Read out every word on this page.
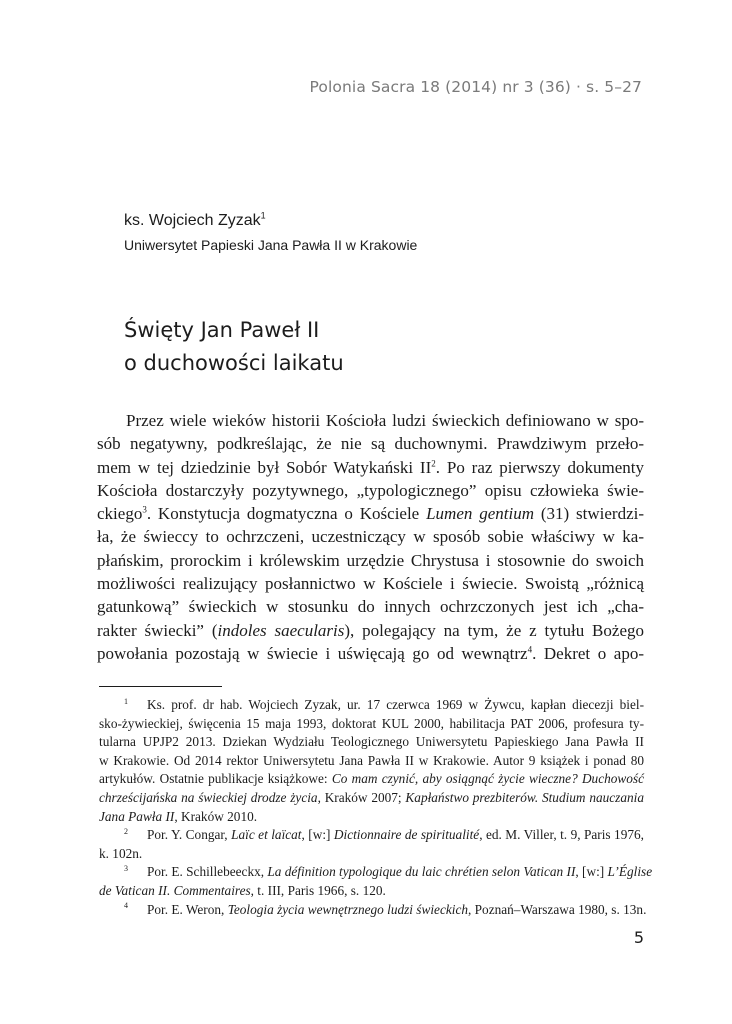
Polonia Sacra 18 (2014) nr 3 (36) · s. 5–27
ks. Wojciech Zyzak$^1$
Uniwersytet Papieski Jana Pawła II w Krakowie
Święty Jan Paweł II
o duchowości laikatu
Przez wiele wieków historii Kościoła ludzi świeckich definiowano w spo-
sób negatywny, podkreślając, że nie są duchownymi. Prawdziwym przeło-
mem w tej dziedzinie był Sobór Watykański $II^2$. Po raz pierwszy dokumenty
Kościoła dostarczyły pozytywnego, „typologicznego” opisu człowieka świe-
ckiego$^3$. Konstytucja dogmatyczna o Kościele Lumen gentium (31) stwierdzi-
ła, że świeccy to ochrzczeni, uczestniczący w sposób sobie właściwy w ka-
płańskim, prorockim i królewskim urzędzie Chrystusa i stosownie do swoich
możliwości realizujący posłannictwo w Kościele i świecie. Swoistą „różnicą
gatunkową” świeckich w stosunku do innych ochrzczonych jest ich „cha-
rakter świecki” (indoles saecularis), polegający na tym, że z tytułu Bożego
powołania pozostają w świecie i uświęcają go od wewnątrz$^4$. Dekret o apo-
1 Ks. prof. dr hab. Wojciech Zyzak, ur. 17 czerwca 1969 w Żywcu, kapłan diecezji biel-
sko-żywieckiej, święcenia 15 maja 1993, doktorat KUL 2000, habilitacja PAT 2006, profesura ty-
tularna UPJP2 2013. Dziekan Wydziału Teologicznego Uniwersytetu Papieskiego Jana Pawła II
w Krakowie. Od 2014 rektor Uniwersytetu Jana Pawła II w Krakowie. Autor 9 książek i ponad 80
artykułów. Ostatnie publikacje książkowe: Co mam czynić, aby osiągnąć życie wieczne? Duchowość
chrześcijańska na świeckiej drodze życia, Kraków 2007; Kapłaństwo prezbiterów. Studium nauczania
Jana Pawła II, Kraków 2010.
2 Por. Y. Congar, Laïc et laïcat, [w:] Dictionnaire de spiritualité, ed. M. Viller, t. 9, Paris 1976,
k. 102n.
3 Por. E. Schillebeeckx, La définition typologique du laic chrétien selon Vatican II, [w:] L’Église
de Vatican II. Commentaires, t. III, Paris 1966, s. 120.
4 Por. E. Weron, Teologia życia wewnętrznego ludzi świeckich, Poznań–Warszawa 1980, s. 13n.
5
